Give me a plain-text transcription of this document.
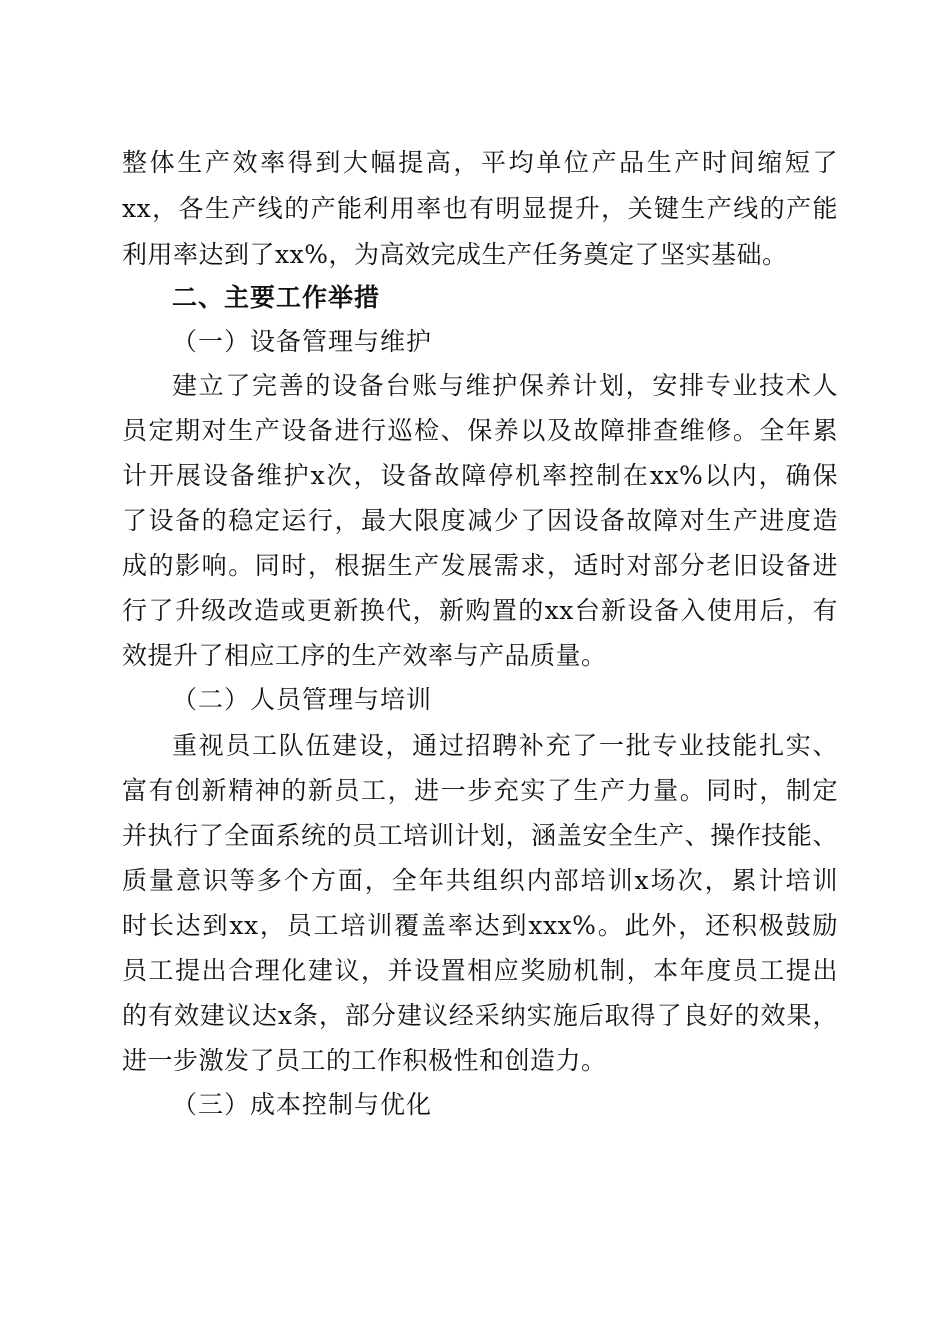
整体生产效率得到大幅提高，平均单位产品生产时间缩短了
xx，各生产线的产能利用率也有明显提升，关键生产线的产能
利用率达到了xx%，为高效完成生产任务奠定了坚实基础。
二、主要工作举措
（一）设备管理与维护
建立了完善的设备台账与维护保养计划，安排专业技术人
员定期对生产设备进行巡检、保养以及故障排查维修。全年累
计开展设备维护x次，设备故障停机率控制在xx%以内，确保
了设备的稳定运行，最大限度减少了因设备故障对生产进度造
成的影响。同时，根据生产发展需求，适时对部分老旧设备进
行了升级改造或更新换代，新购置的xx台新设备入使用后，有
效提升了相应工序的生产效率与产品质量。
（二）人员管理与培训
重视员工队伍建设，通过招聘补充了一批专业技能扎实、
富有创新精神的新员工，进一步充实了生产力量。同时，制定
并执行了全面系统的员工培训计划，涵盖安全生产、操作技能、
质量意识等多个方面，全年共组织内部培训x场次，累计培训
时长达到xx，员工培训覆盖率达到xxx%。此外，还积极鼓励
员工提出合理化建议，并设置相应奖励机制，本年度员工提出
的有效建议达x条，部分建议经采纳实施后取得了良好的效果，
进一步激发了员工的工作积极性和创造力。
（三）成本控制与优化
